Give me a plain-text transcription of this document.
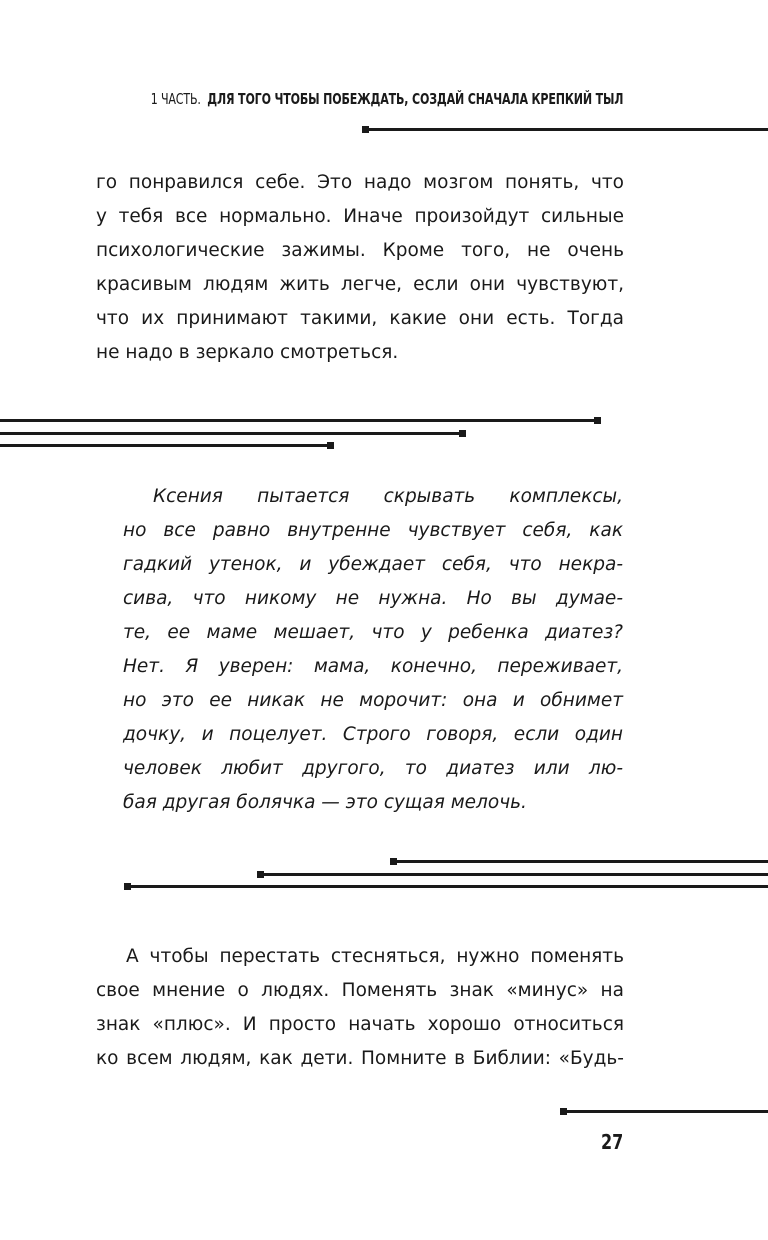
1 ЧАСТЬ. ДЛЯ ТОГО ЧТОБЫ ПОБЕЖДАТЬ, СОЗДАЙ СНАЧАЛА КРЕПКИЙ ТЫЛ
го понравился себе. Это надо мозгом понять, что
у тебя все нормально. Иначе произойдут сильные
психологические зажимы. Кроме того, не очень
красивым людям жить легче, если они чувствуют,
что их принимают такими, какие они есть. Тогда
не надо в зеркало смотреться.
Ксения пытается скрывать комплексы,
но все равно внутренне чувствует себя, как
гадкий утенок, и убеждает себя, что некра-
сива, что никому не нужна. Но вы думае-
те, ее маме мешает, что у ребенка диатез?
Нет. Я уверен: мама, конечно, переживает,
но это ее никак не морочит: она и обнимет
дочку, и поцелует. Строго говоря, если один
человек любит другого, то диатез или лю-
бая другая болячка — это сущая мелочь.
А чтобы перестать стесняться, нужно поменять
свое мнение о людях. Поменять знак «минус» на
знак «плюс». И просто начать хорошо относиться
ко всем людям, как дети. Помните в Библии: «Будь-
27
